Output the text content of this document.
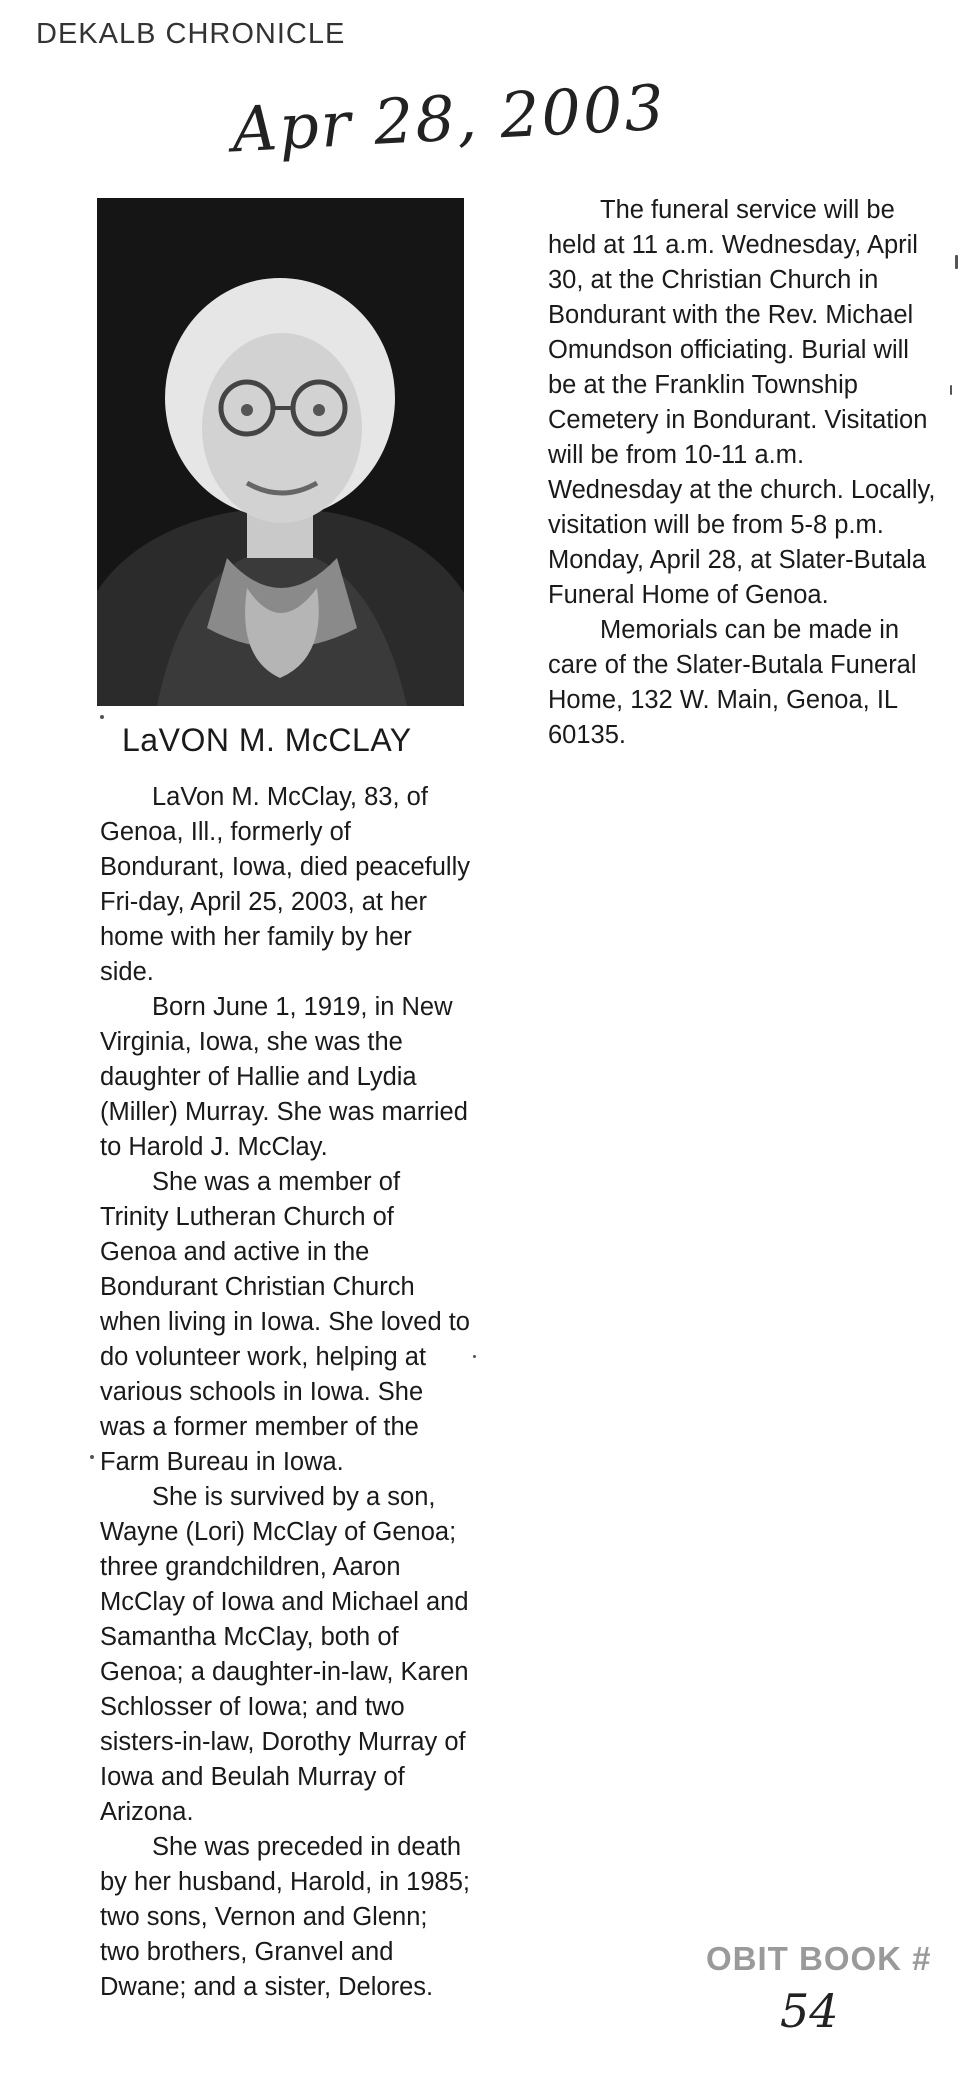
DEKALB CHRONICLE
Apr 28, 2003
LaVON M. McCLAY

LaVon M. McClay, 83, of Genoa, Ill., formerly of Bondurant, Iowa, died peacefully Fri-day, April 25, 2003, at her home with her family by her side.

Born June 1, 1919, in New Virginia, Iowa, she was the daughter of Hallie and Lydia (Miller) Murray. She was married to Harold J. McClay.

She was a member of Trinity Lutheran Church of Genoa and active in the Bondurant Christian Church when living in Iowa. She loved to do volunteer work, helping at various schools in Iowa. She was a former member of the Farm Bureau in Iowa.

She is survived by a son, Wayne (Lori) McClay of Genoa; three grandchildren, Aaron McClay of Iowa and Michael and Samantha McClay, both of Genoa; a daughter-in-law, Karen Schlosser of Iowa; and two sisters-in-law, Dorothy Murray of Iowa and Beulah Murray of Arizona.

She was preceded in death by her husband, Harold, in 1985; two sons, Vernon and Glenn; two brothers, Granvel and Dwane; and a sister, Delores.

The funeral service will be held at 11 a.m. Wednesday, April 30, at the Christian Church in Bondurant with the Rev. Michael Omundson officiating. Burial will be at the Franklin Township Cemetery in Bondurant. Visitation will be from 10-11 a.m. Wednesday at the church. Locally, visitation will be from 5-8 p.m. Monday, April 28, at Slater-Butala Funeral Home of Genoa.

Memorials can be made in care of the Slater-Butala Funeral Home, 132 W. Main, Genoa, IL 60135.

OBIT BOOK #
54
